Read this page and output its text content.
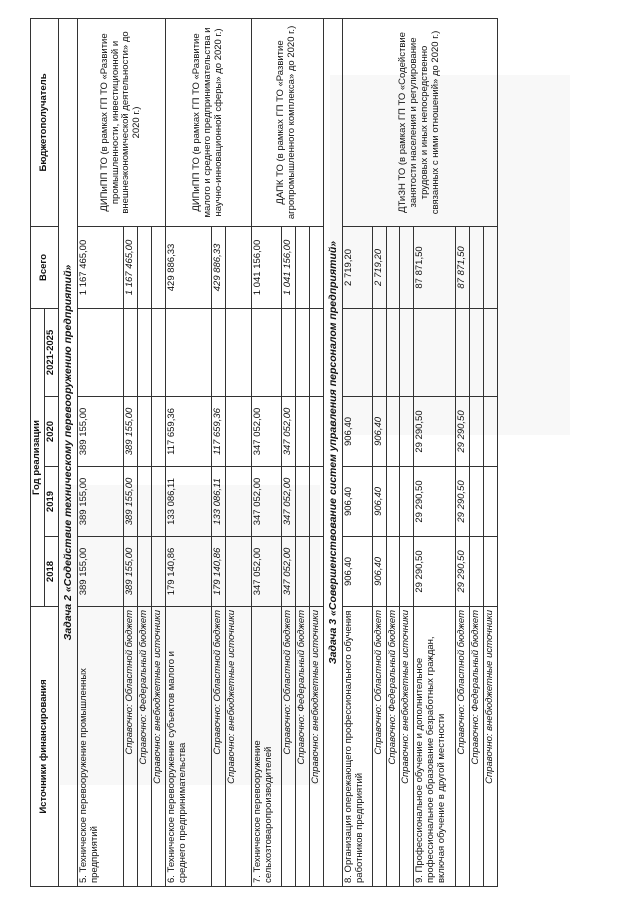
Источники финансирования	Год реализации				Всего	Бюджетополучатель
	2018	2019	2020	2021-2025		
Задача 2 «Содействие техническому перевооружению предприятий»						
5. Техническое перевооружение промышленных предприятий	389 155,00	389 155,00	389 155,00		1 167 465,00	ДИПиПП ТО (в рамках ГП ТО «Развитие промышленности, инвестиционной и внешнеэкономической деятельности» до 2020 г.)
Справочно: Областной бюджет	389 155,00	389 155,00	389 155,00		1 167 465,00	
Справочно: Федеральный бюджет						
Справочно: внебюджетные источники						
6. Техническое перевооружение субъектов малого и среднего предпринимательства	179 140,86	133 086,11	117 659,36		429 886,33	ДИПиПП ТО (в рамках ГП ТО «Развитие малого и среднего предпринимательства и научно-инновационной сферы» до 2020 г.)
Справочно: Областной бюджет	179 140,86	133 086,11	117 659,36		429 886,33	
Справочно: внебюджетные источники						
7. Техническое перевооружение сельхозтоваропроизводителей	347 052,00	347 052,00	347 052,00		1 041 156,00	ДАПК ТО (в рамках ГП ТО «Развитие агропромышленного комплекса» до 2020 г.)
Справочно: Областной бюджет	347 052,00	347 052,00	347 052,00		1 041 156,00	
Справочно: Федеральный бюджет						
Справочно: внебюджетные источники						
Задача 3 «Совершенствование систем управления персоналом предприятий»						
8. Организация опережающего профессионального обучения работников предприятий	906,40	906,40	906,40		2 719,20	ДТиЗН ТО (в рамках ГП ТО «Содействие занятости населения и регулирование трудовых и иных непосредственно связанных с ними отношений» до 2020 г.)
Справочно: Областной бюджет	906,40	906,40	906,40		2 719,20	
Справочно: Федеральный бюджет						
Справочно: внебюджетные источники						
9. Профессиональное обучение и дополнительное профессиональное образование безработных граждан, включая обучение в другой местности	29 290,50	29 290,50	29 290,50		87 871,50	
Справочно: Областной бюджет	29 290,50	29 290,50	29 290,50		87 871,50	
Справочно: Федеральный бюджет						
Справочно: внебюджетные источники						
